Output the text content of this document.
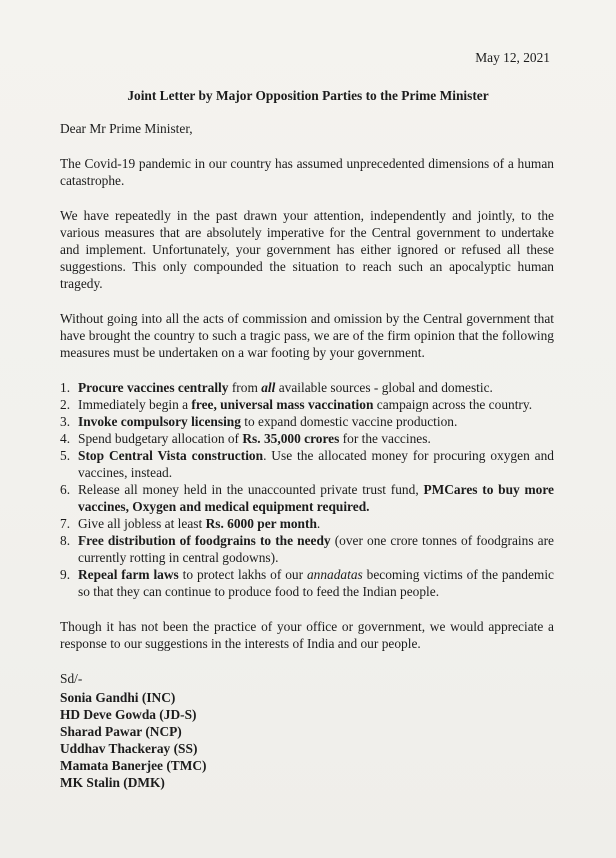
May 12, 2021

Joint Letter by Major Opposition Parties to the Prime Minister

Dear Mr Prime Minister,

The Covid-19 pandemic in our country has assumed unprecedented dimensions of a human catastrophe.

We have repeatedly in the past drawn your attention, independently and jointly, to the various measures that are absolutely imperative for the Central government to undertake and implement. Unfortunately, your government has either ignored or refused all these suggestions. This only compounded the situation to reach such an apocalyptic human tragedy.

Without going into all the acts of commission and omission by the Central government that have brought the country to such a tragic pass, we are of the firm opinion that the following measures must be undertaken on a war footing by your government.

1. Procure vaccines centrally from all available sources - global and domestic.
2. Immediately begin a free, universal mass vaccination campaign across the country.
3. Invoke compulsory licensing to expand domestic vaccine production.
4. Spend budgetary allocation of Rs. 35,000 crores for the vaccines.
5. Stop Central Vista construction. Use the allocated money for procuring oxygen and vaccines, instead.
6. Release all money held in the unaccounted private trust fund, PMCares to buy more vaccines, Oxygen and medical equipment required.
7. Give all jobless at least Rs. 6000 per month.
8. Free distribution of foodgrains to the needy (over one crore tonnes of foodgrains are currently rotting in central godowns).
9. Repeal farm laws to protect lakhs of our annadatas becoming victims of the pandemic so that they can continue to produce food to feed the Indian people.

Though it has not been the practice of your office or government, we would appreciate a response to our suggestions in the interests of India and our people.

Sd/-
Sonia Gandhi (INC)
HD Deve Gowda (JD-S)
Sharad Pawar (NCP)
Uddhav Thackeray (SS)
Mamata Banerjee (TMC)
MK Stalin (DMK)
